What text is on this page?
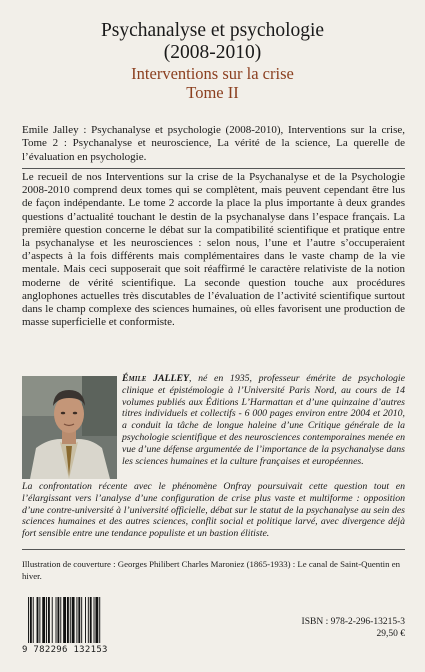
Psychanalyse et psychologie
(2008-2010)
Interventions sur la crise
Tome II
Emile Jalley : Psychanalyse et psychologie (2008-2010), Interventions sur la crise, Tome 2 : Psychanalyse et neuroscience, La vérité de la science, La querelle de l’évaluation en psychologie.
Le recueil de nos Interventions sur la crise de la Psychanalyse et de la Psychologie 2008-2010 comprend deux tomes qui se complètent, mais peuvent cependant être lus de façon indépendante. Le tome 2 accorde la place la plus importante à deux grandes questions d’actualité touchant le destin de la psychanalyse dans l’espace français. La première question concerne le débat sur la compatibilité scientifique et pratique entre la psychanalyse et les neurosciences : selon nous, l’une et l’autre s’occuperaient d’aspects à la fois différents mais complémentaires dans le vaste champ de la vie mentale. Mais ceci supposerait que soit réaffirmé le caractère relativiste de la notion moderne de vérité scientifique. La seconde question touche aux procédures anglophones actuelles très discutables de l’évaluation de l’activité scientifique surtout dans le champ complexe des sciences humaines, où elles favorisent une production de masse superficielle et conformiste.
Émile JALLEY, né en 1935, professeur émérite de psychologie clinique et épistémologie à l’Université Paris Nord, au cours de 14 volumes publiés aux Éditions L’Harmattan et d’une quinzaine d’autres titres individuels et collectifs - 6 000 pages environ entre 2004 et 2010, a conduit la tâche de longue haleine d’une Critique générale de la psychologie scientifique et des neurosciences contemporaines menée en vue d’une défense argumentée de l’importance de la psychanalyse dans les sciences humaines et la culture françaises et européennes.
La confrontation récente avec le phénomène Onfray poursuivait cette question tout en l’élargissant vers l’analyse d’une configuration de crise plus vaste et multiforme : opposition d’une contre-université à l’université officielle, débat sur le statut de la psychanalyse au sein des sciences humaines et des autres sciences, conflit social et politique larvé, avec divergence déjà fort sensible entre une tendance populiste et un bastion élitiste.
Illustration de couverture : Georges Philibert Charles Maroniez (1865-1933) : Le canal de Saint-Quentin en hiver.
9 782296 132153
ISBN : 978-2-296-13215-3
29,50 €
